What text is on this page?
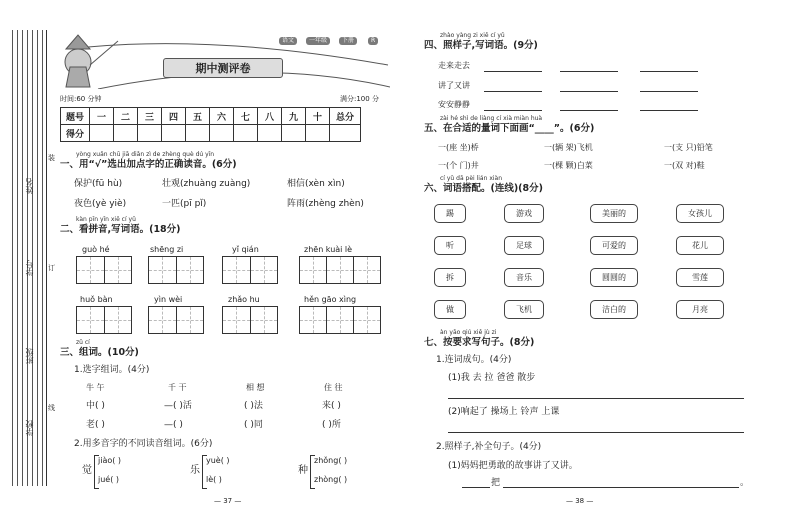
姓名
学号
班级
学校
装
订
线
语文	一年级	下册	R
期中测评卷
时间:60 分钟	满分:100 分
题号	一	二	三	四	五	六	七	八	九	十	总分
得分											
yòng xuǎn chū jiā diǎn zì de zhèng què dú yīn
一、用“√”选出加点字的正确读音。(6分)
保护(fū hù)	壮观(zhuàng zuàng)	相信(xèn xìn)
夜色(yè yiè)	一匹(pī pǐ)	阵雨(zhèng zhèn)
kàn pīn yīn xiě cí yǔ
二、看拼音,写词语。(18分)
guò hé	shēng zi	yǐ qián	zhēn kuài lè
huǒ bàn	yìn wèi	zhǎo hu	hěn gāo xìng
zǔ cí
三、组词。(10分)
1.选字组词。(4分)
牛 午	千 干	相 想	住 往
中( )	—( )活	( )法	来( )
老( )	—( )	( )同	( )所
2.用多音字的不同读音组词。(6分)
觉
jiào( )
jué( )
乐
yuè( )
lè( )
种
zhǒng( )
zhòng( )
— 37 —
zhào yàng zi xiě cí yǔ
四、照样子,写词语。(9分)
走来走去
讲了又讲
安安静静
zài hé shì de liàng cí xià miàn huà
五、在合适的量词下面画“____”。(6分)
一(座 坐)桥	一(辆 架)飞机	一(支 只)铅笔
一(个 门)井	一(棵 颗)白菜	一(双 对)鞋
cí yǔ dā pèi lián xiàn
六、词语搭配。(连线)(8分)
踢
听
拆
做
游戏
足球
音乐
飞机
美丽的
可爱的
圆圆的
洁白的
女孩儿
花儿
雪莲
月亮
àn yāo qiú xiě jù zi
七、按要求写句子。(8分)
1.连词成句。(4分)
(1)我 去 拉 爸爸 散步
(2)响起了 操场上 铃声 上课
2.照样子,补全句子。(4分)
(1)妈妈把勇敢的故事讲了又讲。
把	。
— 38 —
